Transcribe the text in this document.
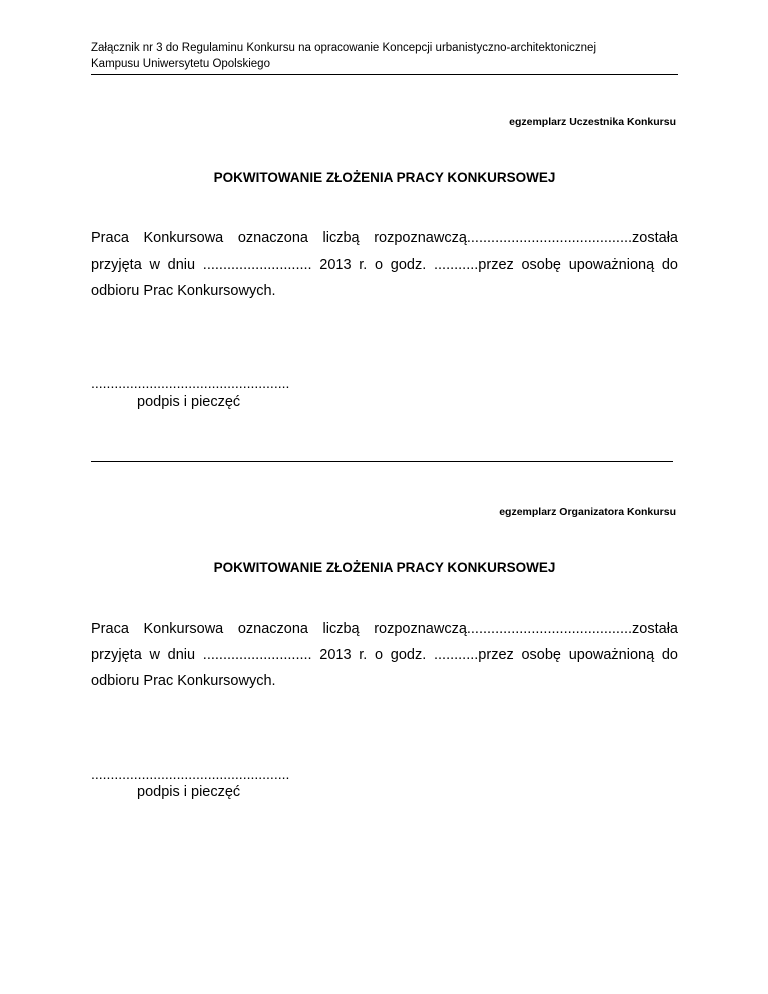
Załącznik nr 3 do Regulaminu Konkursu na opracowanie Koncepcji urbanistyczno-architektonicznej
Kampusu Uniwersytetu Opolskiego
egzemplarz Uczestnika Konkursu
POKWITOWANIE ZŁOŻENIA PRACY KONKURSOWEJ
Praca Konkursowa oznaczona liczbą rozpoznawczą.........................................została
przyjęta w dniu ........................... 2013 r. o godz. ...........przez osobę upoważnioną do
odbioru Prac Konkursowych.
...................................................
podpis i pieczęć
egzemplarz Organizatora Konkursu
POKWITOWANIE ZŁOŻENIA PRACY KONKURSOWEJ
Praca Konkursowa oznaczona liczbą rozpoznawczą.........................................została
przyjęta w dniu ........................... 2013 r. o godz. ...........przez osobę upoważnioną do
odbioru Prac Konkursowych.
...................................................
podpis i pieczęć
